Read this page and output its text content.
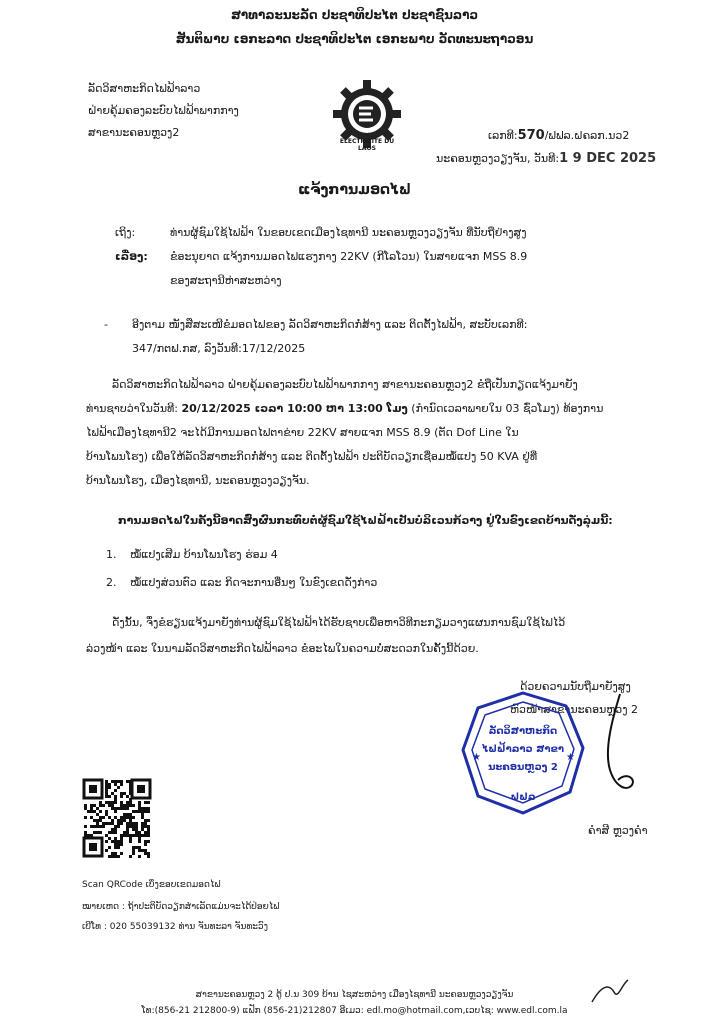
ສາທາລະນະລັດ ປະຊາທິປະໄຕ ປະຊາຊົນລາວ
ສັນຕິພາບ ເອກະລາດ ປະຊາທິປະໄຕ ເອກະພາບ ວັດທະນະຖາວອນ
ລັດວິສາຫະກິດໄຟຟ້າລາວ
ຝ່າຍຄຸ້ມຄອງລະບົບໄຟຟ້າພາກກາງ
ສາຂານະຄອນຫຼວງ2
ELECTRICITE DU LAOS
ເລກທີ:570/ຟຟລ.ຝຄລກ.ນວ2
ນະຄອນຫຼວງວຽງຈັນ, ວັນທີ:1 9 DEC 2025
ແຈ້ງການມອດໄຟ
ເຖິງ:	ທ່ານຜູ້ຊົມໃຊ້ໄຟຟ້າ ໃນຂອບເຂດເມືອງໄຊທານີ ນະຄອນຫຼວງວຽງຈັນ ທີ່ນັບຖືຢ່າງສູງ
ເລື່ອງ: ຂໍອະນຸຍາດ ແຈ້ງການມອດໄຟແຮງກາງ 22KV (ກີໂລໂວນ) ໃນສາຍແຈກ MSS 8.9
ຂອງສະຖານີຫ່າສະຫວ່າງ
- ອີງຕາມ ໜັງສືສະເໜີຂໍມອດໄຟຂອງ ລັດວິສາຫະກິດກໍ່ສ້າງ ແລະ ຕິດຕັ້ງໄຟຟ້າ, ສະບັບເລກທີ:
347/ກຕຟ.ກສ, ລົງວັນທີ:17/12/2025
ລັດວິສາຫະກິດໄຟຟ້າລາວ ຝ່າຍຄຸ້ມຄອງລະບົບໄຟຟ້າພາກກາງ ສາຂານະຄອນຫຼວງ2 ຂໍຖືເປັນກຽດແຈ້ງມາຍັງ
ທ່ານຊາບວ່າໃນວັນທີ: 20/12/2025 ເວລາ 10:00 ຫາ 13:00 ໂມງ (ກໍານົດເວລາພາຍໃນ 03 ຊົ່ວໂມງ) ທ້ອງການ
ໄຟຟ້າເມືອງໄຊທານີ2 ຈະໄດ້ມີການມອດໄຟຕາຂ່າຍ 22KV ສາຍແຈກ MSS 8.9 (ຕັດ Dof Line ໃນ
ບ້ານໂພນໂຮງ) ເພື່ອໃຫ້ລັດວິສາຫະກິດກໍ່ສ້າງ ແລະ ຕິດຕັ້ງໄຟຟ້າ ປະຕິບັດວຽກເຊື່ອມໝໍ້ແປງ 50 KVA ຢູ່ທີ່
ບ້ານໂພນໂຮງ, ເມືອງໄຊທານີ, ນະຄອນຫຼວງວຽງຈັນ.
ການມອດໄຟໃນຄັ້ງນີ້ອາດສົ່ງຜົນກະທົບຕໍ່ຜູ້ຊົມໃຊ້ໄຟຟ້າເປັນບໍລິເວນກ້ວາງ ຢູ່ໃນຂົງເຂດບ້ານດັ່ງລຸ່ມນີ້:
1. ໝໍ້ແປງເສີມ ບ້ານໂພນໂຮງ ຮ່ອມ 4
2. ໝໍ້ແປງສ່ວນຕົວ ແລະ ກິດຈະການອື່ນໆ ໃນຂົງເຂດດັ່ງກ່າວ
ດັ່ງນັ້ນ, ຈຶ່ງຂໍຮຽນແຈ້ງມາຍັງທ່ານຜູ້ຊົມໃຊ້ໄຟຟ້າໄດ້ຮັບຊາບເພື່ອຫາວິທີກະກຽມວາງແຜນການຊົມໃຊ້ໄຟໄວ້
ລ່ວງໜ້າ ແລະ ໃນນາມລັດວິສາຫະກິດໄຟຟ້າລາວ ຂໍອະໄພໃນຄວາມບໍ່ສະດວກໃນຄັ້ງນີ້ດ້ວຍ.
ດ້ວຍຄວາມນັບຖືມາຍັງສູງ
ຫົວໜ້າສາຂານະຄອນຫຼວງ 2
★	★
ລັດວິສາຫະກິດ
ໄຟຟ້າລາວ ສາຂາ
ນະຄອນຫຼວງ 2
ຟຟລ
ຄໍາສີ ຫຼວງຄໍາ
Scan QRCode ເບິ່ງຂອບເຂດມອດໄຟ
ໝາຍເຫດ : ຖ້າປະຕິບັດວຽກສໍາເລັດແມ່ນຈະໄດ້ປ່ອຍໄຟ
ເບີໂທ : 020 55039132 ທ່ານ ຈັນທະລາ ຈັນທະວົງ
ສາຂານະຄອນຫຼວງ 2 ຕູ້ ປ.ນ 309 ບ້ານ ໄຊສະຫວ່າງ ເມືອງໄຊທານີ ນະຄອນຫຼວງວຽງຈັນ
ໂທ:(856-21 212800-9) ແຟັກ (856-21)212807 ອີເມວ: edl.mo@hotmail.com,ເວບໄຊ: www.edl.com.la
